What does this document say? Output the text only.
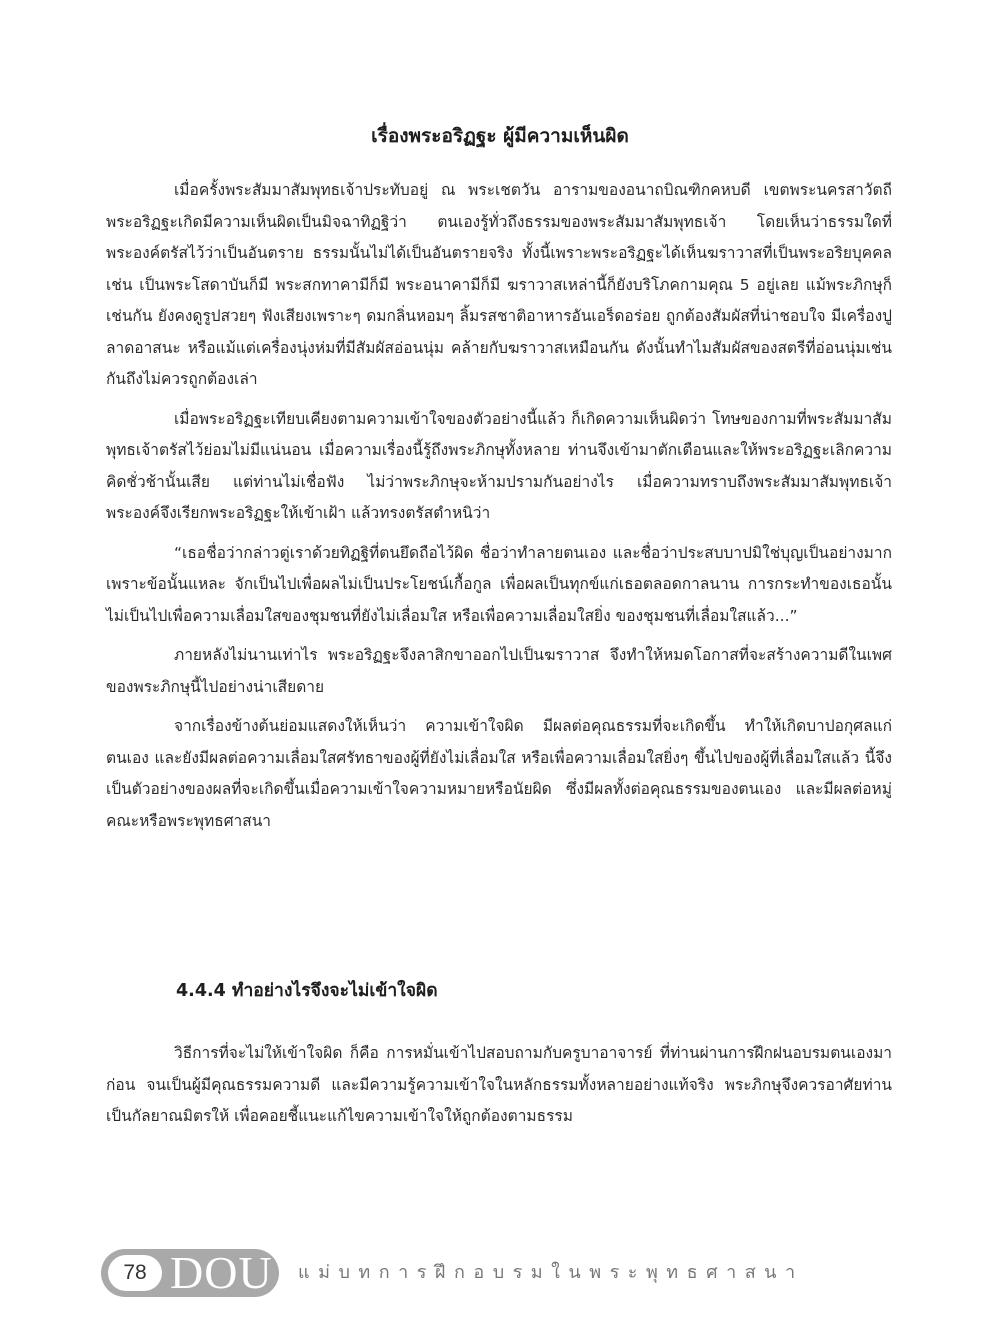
เรื่องพระอริฏฐะ ผู้มีความเห็นผิด

เมื่อครั้งพระสัมมาสัมพุทธเจ้าประทับอยู่ ณ พระเชตวัน อารามของอนาถบิณฑิกคหบดี เขตพระนครสาวัตถี พระอริฏฐะเกิดมีความเห็นผิดเป็นมิจฉาทิฏฐิว่า ตนเองรู้ทั่วถึงธรรมของพระสัมมาสัมพุทธเจ้า โดยเห็นว่าธรรมใดที่พระองค์ตรัสไว้ว่าเป็นอันตราย ธรรมนั้นไม่ได้เป็นอันตรายจริง ทั้งนี้เพราะพระอริฏฐะได้เห็นฆราวาสที่เป็นพระอริยบุคคล เช่น เป็นพระโสดาบันก็มี พระสกทาคามีก็มี พระอนาคามีก็มี ฆราวาสเหล่านี้ก็ยังบริโภคกามคุณ 5 อยู่เลย แม้พระภิกษุก็เช่นกัน ยังคงดูรูปสวยๆ ฟังเสียงเพราะๆ ดมกลิ่นหอมๆ ลิ้มรสชาติอาหารอันเอร็ดอร่อย ถูกต้องสัมผัสที่น่าชอบใจ มีเครื่องปูลาดอาสนะ หรือแม้แต่เครื่องนุ่งห่มที่มีสัมผัสอ่อนนุ่ม คล้ายกับฆราวาสเหมือนกัน ดังนั้นทำไมสัมผัสของสตรีที่อ่อนนุ่มเช่นกันถึงไม่ควรถูกต้องเล่า

เมื่อพระอริฏฐะเทียบเคียงตามความเข้าใจของตัวอย่างนี้แล้ว ก็เกิดความเห็นผิดว่า โทษของกามที่พระสัมมาสัมพุทธเจ้าตรัสไว้ย่อมไม่มีแน่นอน เมื่อความเรื่องนี้รู้ถึงพระภิกษุทั้งหลาย ท่านจึงเข้ามาตักเตือนและให้พระอริฏฐะเลิกความคิดชั่วช้านั้นเสีย แต่ท่านไม่เชื่อฟัง ไม่ว่าพระภิกษุจะห้ามปรามกันอย่างไร เมื่อความทราบถึงพระสัมมาสัมพุทธเจ้า พระองค์จึงเรียกพระอริฏฐะให้เข้าเฝ้า แล้วทรงตรัสตำหนิว่า

“เธอชื่อว่ากล่าวตู่เราด้วยทิฏฐิที่ตนยึดถือไว้ผิด ชื่อว่าทำลายตนเอง และชื่อว่าประสบบาปมิใช่บุญเป็นอย่างมาก เพราะข้อนั้นแหละ จักเป็นไปเพื่อผลไม่เป็นประโยชน์เกื้อกูล เพื่อผลเป็นทุกข์แก่เธอตลอดกาลนาน การกระทำของเธอนั้น ไม่เป็นไปเพื่อความเลื่อมใสของชุมชนที่ยังไม่เลื่อมใส หรือเพื่อความเลื่อมใสยิ่ง ของชุมชนที่เลื่อมใสแล้ว...”

ภายหลังไม่นานเท่าไร พระอริฏฐะจึงลาสิกขาออกไปเป็นฆราวาส จึงทำให้หมดโอกาสที่จะสร้างความดีในเพศของพระภิกษุนี้ไปอย่างน่าเสียดาย

จากเรื่องข้างต้นย่อมแสดงให้เห็นว่า ความเข้าใจผิด มีผลต่อคุณธรรมที่จะเกิดขึ้น ทำให้เกิดบาปอกุศลแก่ตนเอง และยังมีผลต่อความเลื่อมใสศรัทธาของผู้ที่ยังไม่เลื่อมใส หรือเพื่อความเลื่อมใสยิ่งๆ ขึ้นไปของผู้ที่เลื่อมใสแล้ว นี้จึงเป็นตัวอย่างของผลที่จะเกิดขึ้นเมื่อความเข้าใจความหมายหรือนัยผิด ซึ่งมีผลทั้งต่อคุณธรรมของตนเอง และมีผลต่อหมู่คณะหรือพระพุทธศาสนา

4.4.4 ทำอย่างไรจึงจะไม่เข้าใจผิด

วิธีการที่จะไม่ให้เข้าใจผิด ก็คือ การหมั่นเข้าไปสอบถามกับครูบาอาจารย์ ที่ท่านผ่านการฝึกฝนอบรมตนเองมาก่อน จนเป็นผู้มีคุณธรรมความดี และมีความรู้ความเข้าใจในหลักธรรมทั้งหลายอย่างแท้จริง พระภิกษุจึงควรอาศัยท่านเป็นกัลยาณมิตรให้ เพื่อคอยชี้แนะแก้ไขความเข้าใจให้ถูกต้องตามธรรม

78 DOU แม่บทการฝึกอบรมในพระพุทธศาสนา
